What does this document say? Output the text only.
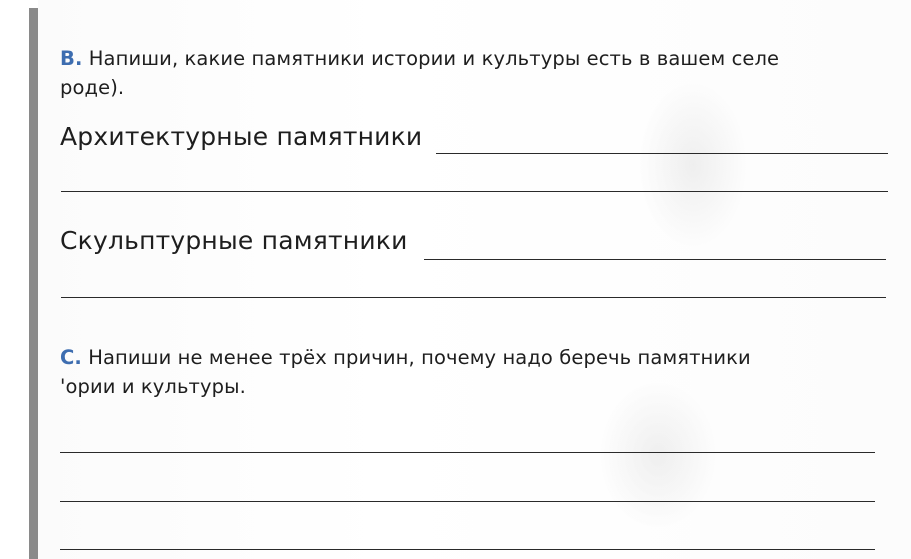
В. Напиши, какие памятники истории и культуры есть в вашем селе
роде).
Архитектурные памятники
Скульптурные памятники
С. Напиши не менее трёх причин, почему надо беречь памятники
'ории и культуры.
